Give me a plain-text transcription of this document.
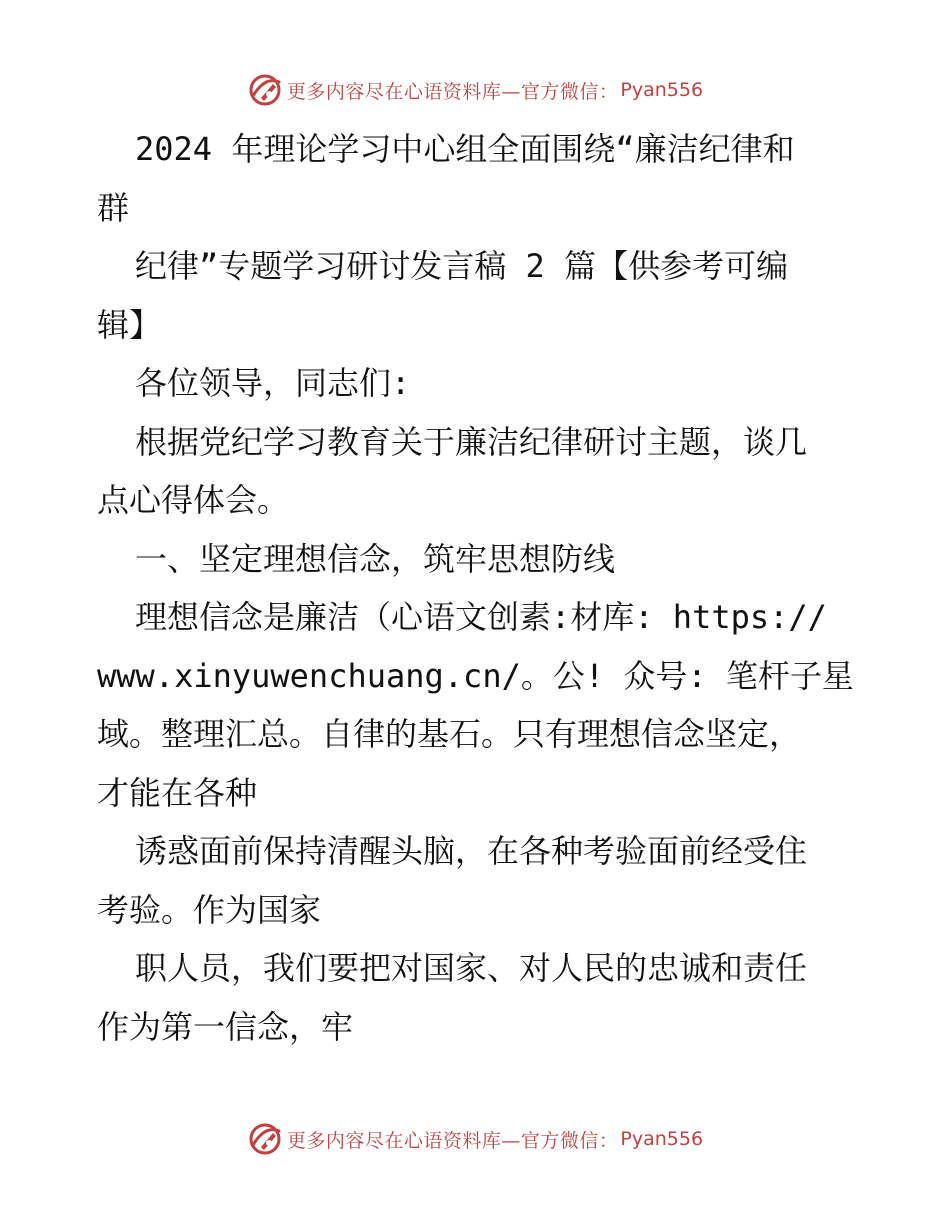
更多内容尽在心语资料库—官方微信： Pyan556
2024 年理论学习中心组全面围绕“廉洁纪律和
群
纪律”专题学习研讨发言稿 2 篇【供参考可编
辑】
各位领导，同志们:
根据党纪学习教育关于廉洁纪律研讨主题，谈几
点心得体会。
一、坚定理想信念，筑牢思想防线
理想信念是廉洁（心语文创素:材库: https://
www.xinyuwenchuang.cn/。公! 众号: 笔杆子星
域。整理汇总。自律的基石。只有理想信念坚定，
才能在各种
诱惑面前保持清醒头脑，在各种考验面前经受住
考验。作为国家
职人员，我们要把对国家、对人民的忠诚和责任
作为第一信念，牢
更多内容尽在心语资料库—官方微信： Pyan556
